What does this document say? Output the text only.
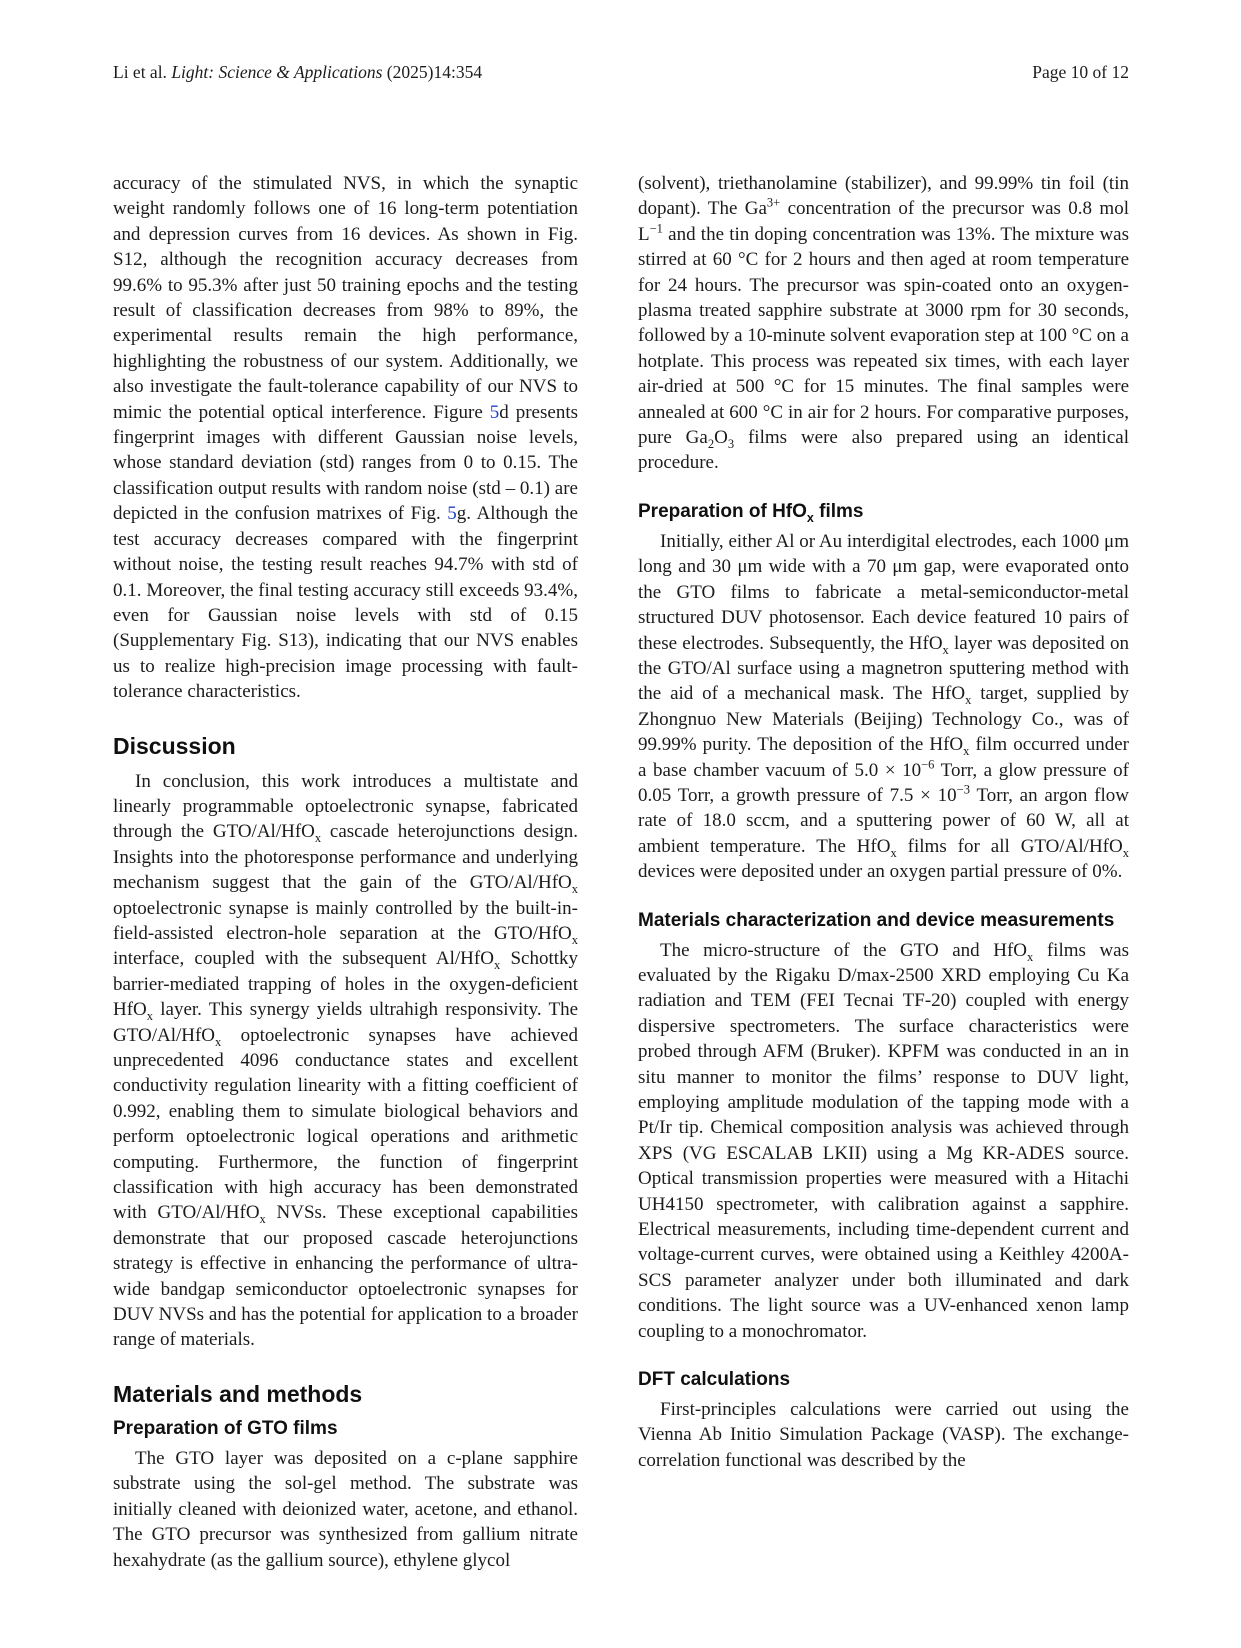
Li et al. Light: Science & Applications (2025)14:354	Page 10 of 12
accuracy of the stimulated NVS, in which the synaptic weight randomly follows one of 16 long-term potentiation and depression curves from 16 devices. As shown in Fig. S12, although the recognition accuracy decreases from 99.6% to 95.3% after just 50 training epochs and the testing result of classification decreases from 98% to 89%, the experimental results remain the high performance, highlighting the robustness of our system. Additionally, we also investigate the fault-tolerance capability of our NVS to mimic the potential optical interference. Figure 5d presents fingerprint images with different Gaussian noise levels, whose standard deviation (std) ranges from 0 to 0.15. The classification output results with random noise (std – 0.1) are depicted in the confusion matrixes of Fig. 5g. Although the test accuracy decreases compared with the fingerprint without noise, the testing result reaches 94.7% with std of 0.1. Moreover, the final testing accuracy still exceeds 93.4%, even for Gaussian noise levels with std of 0.15 (Supplementary Fig. S13), indicating that our NVS enables us to realize high-precision image processing with fault-tolerance characteristics.
Discussion
In conclusion, this work introduces a multistate and linearly programmable optoelectronic synapse, fabricated through the GTO/Al/HfO$_x$ cascade heterojunctions design. Insights into the photoresponse performance and underlying mechanism suggest that the gain of the GTO/Al/HfO$_x$ optoelectronic synapse is mainly controlled by the built-in-field-assisted electron-hole separation at the GTO/HfO$_x$ interface, coupled with the subsequent Al/HfO$_x$ Schottky barrier-mediated trapping of holes in the oxygen-deficient HfO$_x$ layer. This synergy yields ultrahigh responsivity. The GTO/Al/HfO$_x$ optoelectronic synapses have achieved unprecedented 4096 conductance states and excellent conductivity regulation linearity with a fitting coefficient of 0.992, enabling them to simulate biological behaviors and perform optoelectronic logical operations and arithmetic computing. Furthermore, the function of fingerprint classification with high accuracy has been demonstrated with GTO/Al/HfO$_x$ NVSs. These exceptional capabilities demonstrate that our proposed cascade heterojunctions strategy is effective in enhancing the performance of ultra-wide bandgap semiconductor optoelectronic synapses for DUV NVSs and has the potential for application to a broader range of materials.
Materials and methods
Preparation of GTO films
The GTO layer was deposited on a c-plane sapphire substrate using the sol-gel method. The substrate was initially cleaned with deionized water, acetone, and ethanol. The GTO precursor was synthesized from gallium nitrate hexahydrate (as the gallium source), ethylene glycol
(solvent), triethanolamine (stabilizer), and 99.99% tin foil (tin dopant). The $Ga^{3+}$ concentration of the precursor was 0.8 mol $L^{-1}$ and the tin doping concentration was 13%. The mixture was stirred at 60 °C for 2 hours and then aged at room temperature for 24 hours. The precursor was spin-coated onto an oxygen-plasma treated sapphire substrate at 3000 rpm for 30 seconds, followed by a 10-minute solvent evaporation step at 100 °C on a hotplate. This process was repeated six times, with each layer air-dried at 500 °C for 15 minutes. The final samples were annealed at 600 °C in air for 2 hours. For comparative purposes, pure $Ga_2O_3$ films were also prepared using an identical procedure.
Preparation of HfO$_x$ films
Initially, either Al or Au interdigital electrodes, each 1000 μm long and 30 μm wide with a 70 μm gap, were evaporated onto the GTO films to fabricate a metal-semiconductor-metal structured DUV photosensor. Each device featured 10 pairs of these electrodes. Subsequently, the HfO$_x$ layer was deposited on the GTO/Al surface using a magnetron sputtering method with the aid of a mechanical mask. The HfO$_x$ target, supplied by Zhongnuo New Materials (Beijing) Technology Co., was of 99.99% purity. The deposition of the HfO$_x$ film occurred under a base chamber vacuum of $5.0 \times 10^{-6}$ Torr, a glow pressure of 0.05 Torr, a growth pressure of $7.5 \times 10^{-3}$ Torr, an argon flow rate of 18.0 sccm, and a sputtering power of 60 W, all at ambient temperature. The HfO$_x$ films for all GTO/Al/HfO$_x$ devices were deposited under an oxygen partial pressure of 0%.
Materials characterization and device measurements
The micro-structure of the GTO and HfO$_x$ films was evaluated by the Rigaku D/max-2500 XRD employing Cu Ka radiation and TEM (FEI Tecnai TF-20) coupled with energy dispersive spectrometers. The surface characteristics were probed through AFM (Bruker). KPFM was conducted in an in situ manner to monitor the films’ response to DUV light, employing amplitude modulation of the tapping mode with a Pt/Ir tip. Chemical composition analysis was achieved through XPS (VG ESCALAB LKII) using a Mg KR-ADES source. Optical transmission properties were measured with a Hitachi UH4150 spectrometer, with calibration against a sapphire. Electrical measurements, including time-dependent current and voltage-current curves, were obtained using a Keithley 4200A-SCS parameter analyzer under both illuminated and dark conditions. The light source was a UV-enhanced xenon lamp coupling to a monochromator.
DFT calculations
First-principles calculations were carried out using the Vienna Ab Initio Simulation Package (VASP). The exchange-correlation functional was described by the
